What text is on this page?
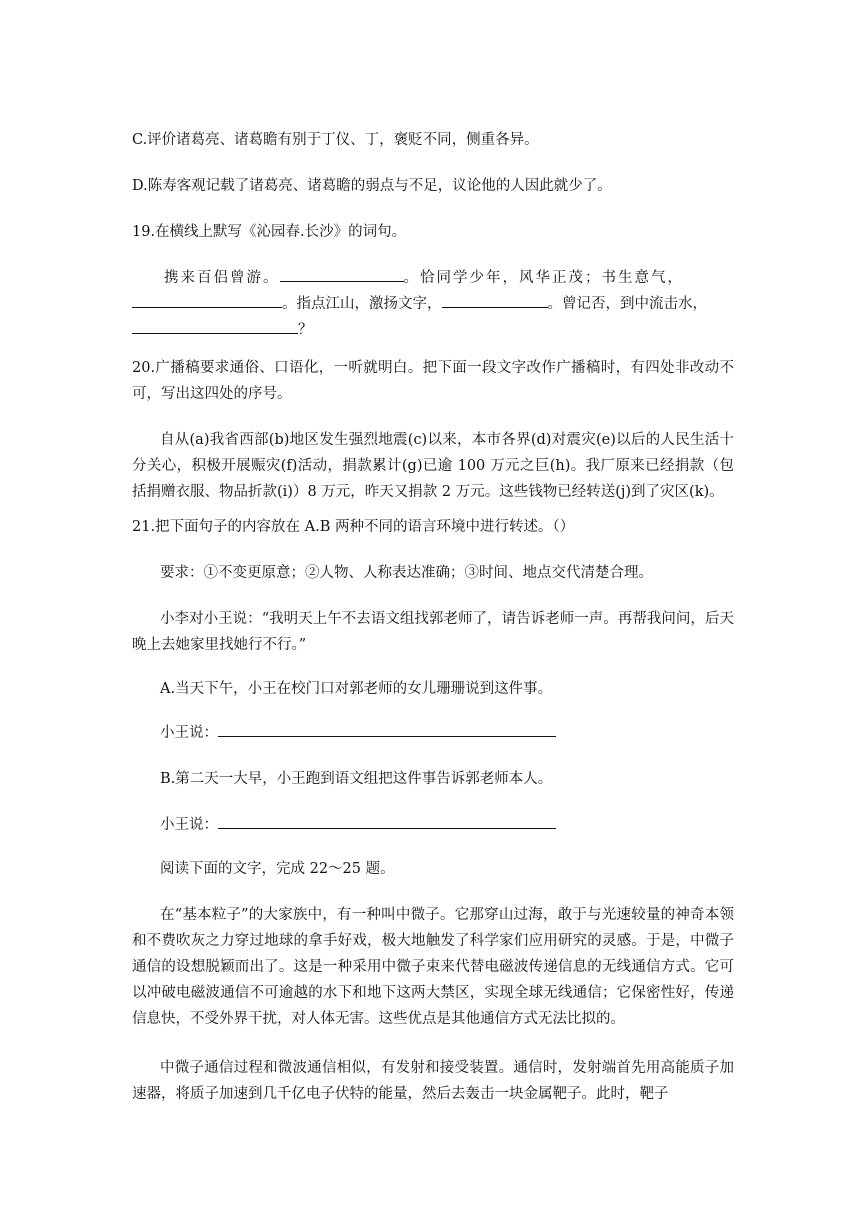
C.评价诸葛亮、诸葛瞻有别于丁仪、丁，褒贬不同，侧重各异。

D.陈寿客观记载了诸葛亮、诸葛瞻的弱点与不足，议论他的人因此就少了。

19.在横线上默写《沁园春.长沙》的词句。

携来百侣曾游。	。恰同学少年，风华正茂；书生意气，
。指点江山，激扬文字，	。曾记否，到中流击水，
？

20.广播稿要求通俗、口语化，一听就明白。把下面一段文字改作广播稿时，有四处非改动不可，写出这四处的序号。

自从(a)我省西部(b)地区发生强烈地震(c)以来，本市各界(d)对震灾(e)以后的人民生活十分关心，积极开展赈灾(f)活动，捐款累计(g)已逾 100 万元之巨(h)。我厂原来已经捐款（包括捐赠衣服、物品折款(i)）8 万元，昨天又捐款 2 万元。这些钱物已经转送(j)到了灾区(k)。

21.把下面句子的内容放在 A.B 两种不同的语言环境中进行转述。（）

要求：①不变更原意；②人物、人称表达准确；③时间、地点交代清楚合理。

小李对小王说：“我明天上午不去语文组找郭老师了，请告诉老师一声。再帮我问问，后天晚上去她家里找她行不行。”

A.当天下午，小王在校门口对郭老师的女儿珊珊说到这件事。

小王说：

B.第二天一大早，小王跑到语文组把这件事告诉郭老师本人。

小王说：

阅读下面的文字，完成 22～25 题。

在“基本粒子”的大家族中，有一种叫中微子。它那穿山过海，敢于与光速较量的神奇本领和不费吹灰之力穿过地球的拿手好戏，极大地触发了科学家们应用研究的灵感。于是，中微子通信的设想脱颖而出了。这是一种采用中微子束来代替电磁波传递信息的无线通信方式。它可以冲破电磁波通信不可逾越的水下和地下这两大禁区，实现全球无线通信；它保密性好，传递信息快，不受外界干扰，对人体无害。这些优点是其他通信方式无法比拟的。

中微子通信过程和微波通信相似，有发射和接受装置。通信时，发射端首先用高能质子加速器，将质子加速到几千亿电子伏特的能量，然后去轰击一块金属靶子。此时，靶子
